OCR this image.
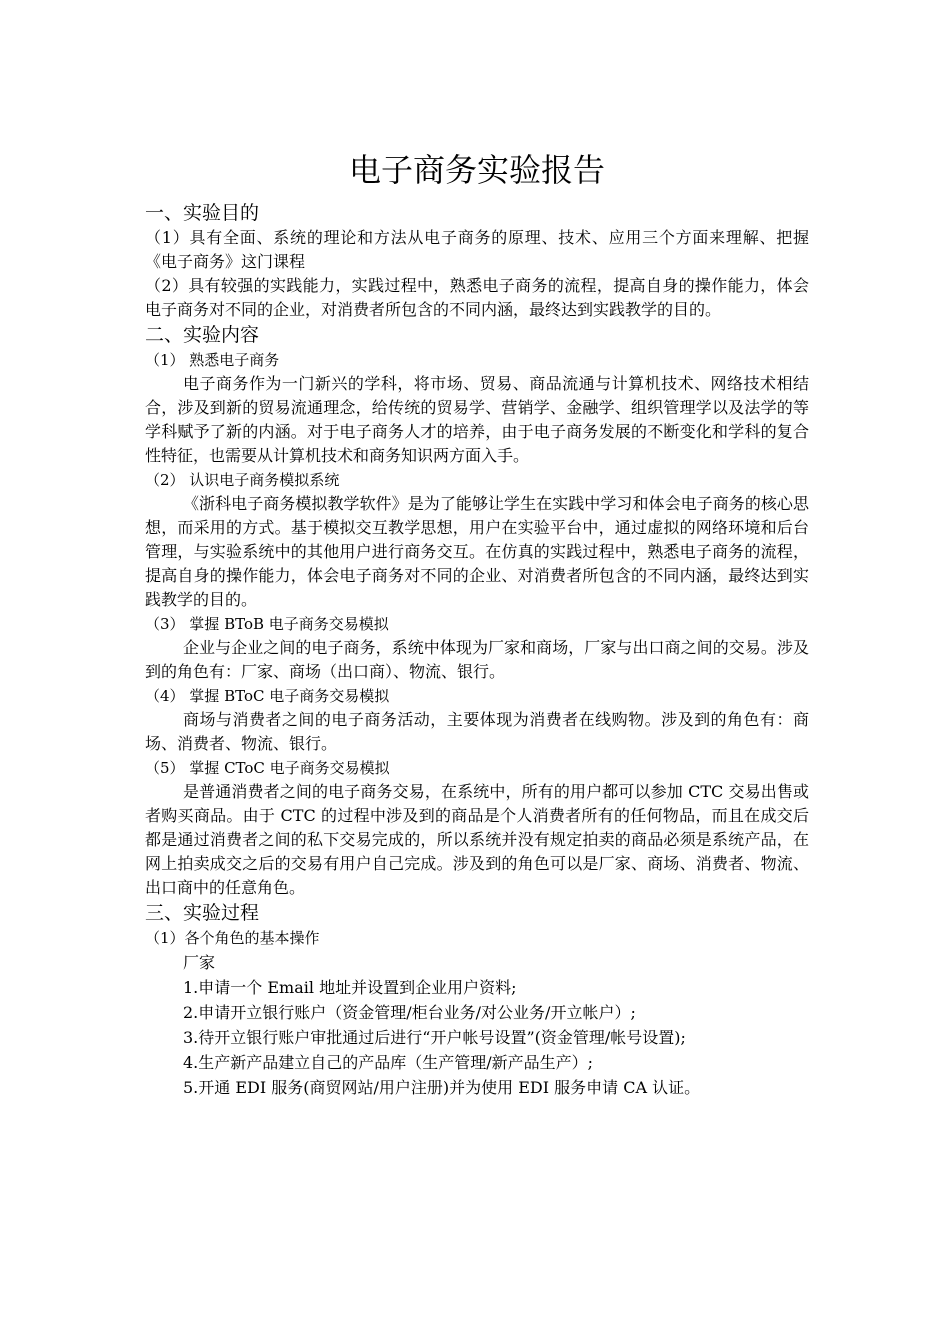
电子商务实验报告
一、实验目的

（1）具有全面、系统的理论和方法从电子商务的原理、技术、应用三个方面来理解、把握《电子商务》这门课程

（2）具有较强的实践能力，实践过程中，熟悉电子商务的流程，提高自身的操作能力，体会电子商务对不同的企业，对消费者所包含的不同内涵，最终达到实践教学的目的。

二、实验内容
（1） 熟悉电子商务

电子商务作为一门新兴的学科，将市场、贸易、商品流通与计算机技术、网络技术相结合，涉及到新的贸易流通理念，给传统的贸易学、营销学、金融学、组织管理学以及法学的等学科赋予了新的内涵。对于电子商务人才的培养，由于电子商务发展的不断变化和学科的复合性特征，也需要从计算机技术和商务知识两方面入手。

（2） 认识电子商务模拟系统

《浙科电子商务模拟教学软件》是为了能够让学生在实践中学习和体会电子商务的核心思想，而采用的方式。基于模拟交互教学思想，用户在实验平台中，通过虚拟的网络环境和后台管理，与实验系统中的其他用户进行商务交互。在仿真的实践过程中，熟悉电子商务的流程，提高自身的操作能力，体会电子商务对不同的企业、对消费者所包含的不同内涵，最终达到实践教学的目的。

（3） 掌握 BToB 电子商务交易模拟

企业与企业之间的电子商务，系统中体现为厂家和商场，厂家与出口商之间的交易。涉及到的角色有：厂家、商场（出口商）、物流、银行。

（4） 掌握 BToC 电子商务交易模拟

商场与消费者之间的电子商务活动，主要体现为消费者在线购物。涉及到的角色有：商场、消费者、物流、银行。

（5） 掌握 CToC 电子商务交易模拟

是普通消费者之间的电子商务交易，在系统中，所有的用户都可以参加 CTC 交易出售或者购买商品。由于 CTC 的过程中涉及到的商品是个人消费者所有的任何物品，而且在成交后都是通过消费者之间的私下交易完成的，所以系统并没有规定拍卖的商品必须是系统产品，在网上拍卖成交之后的交易有用户自己完成。涉及到的角色可以是厂家、商场、消费者、物流、出口商中的任意角色。

三、实验过程
（1）各个角色的基本操作

厂家

1.申请一个 Email 地址并设置到企业用户资料;

2.申请开立银行账户（资金管理/柜台业务/对公业务/开立帐户）;

3.待开立银行账户审批通过后进行“开户帐号设置”(资金管理/帐号设置);

4.生产新产品建立自己的产品库（生产管理/新产品生产）;

5.开通 EDI 服务(商贸网站/用户注册)并为使用 EDI 服务申请 CA 认证。
